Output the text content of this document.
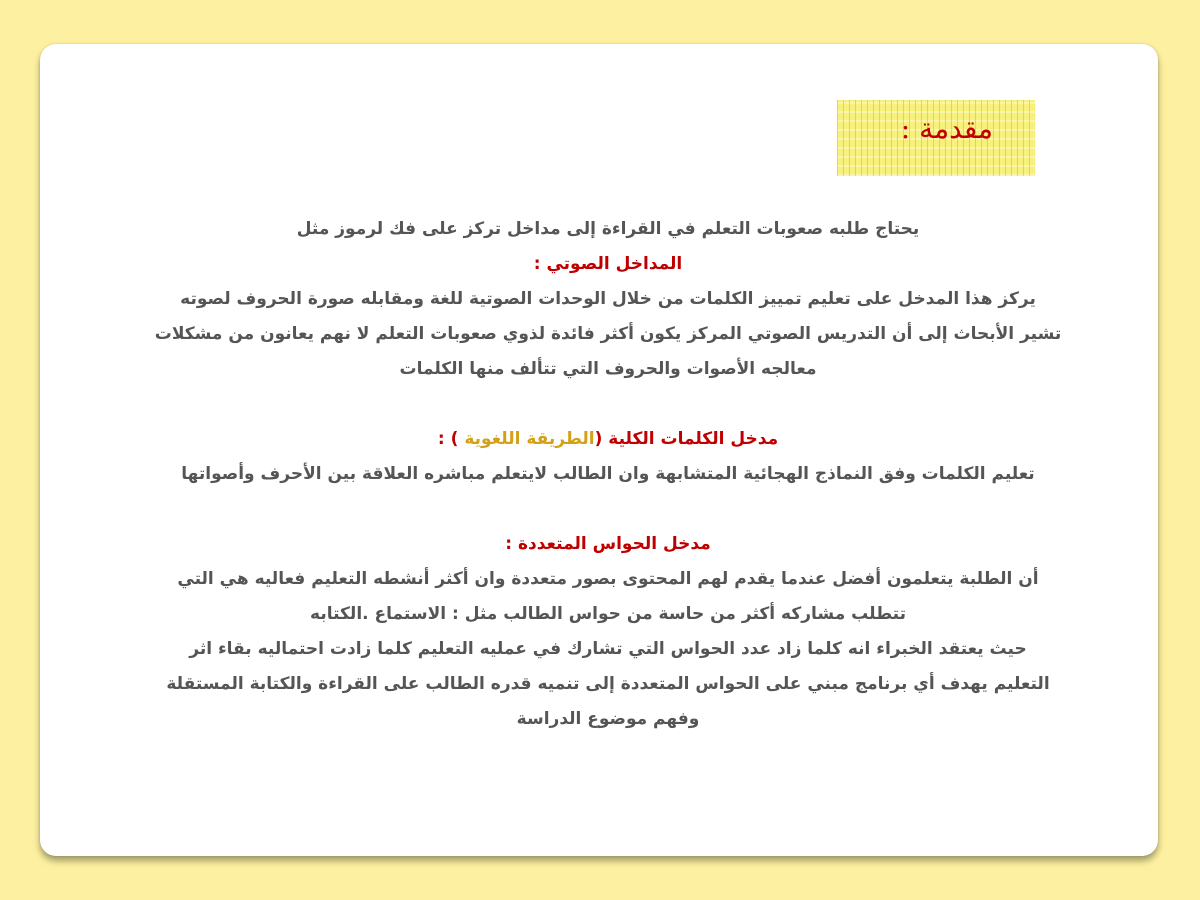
مقدمة :
يحتاج طلبه صعوبات التعلم في القراءة إلى مداخل تركز على فك لرموز مثل
المداخل الصوتي :
يركز هذا المدخل على تعليم تمييز الكلمات من خلال الوحدات الصوتية للغة ومقابله صورة الحروف لصوته
تشير الأبحاث إلى أن التدريس الصوتي المركز يكون أكثر فائدة لذوي صعوبات التعلم لا نهم يعانون من مشكلات
معالجه الأصوات والحروف التي تتألف منها الكلمات
مدخل الكلمات الكلية (الطريقة اللغوية ) :
تعليم الكلمات وفق النماذج الهجائية المتشابهة وان الطالب لايتعلم مباشره العلاقة بين الأحرف وأصواتها
مدخل الحواس المتعددة :
أن الطلبة يتعلمون أفضل عندما يقدم لهم المحتوى بصور متعددة وان أكثر أنشطه التعليم فعاليه هي التي
تتطلب مشاركه أكثر من حاسة من حواس الطالب مثل : الاستماع .الكتابه
حيث يعتقد الخبراء انه كلما زاد عدد الحواس التي تشارك في عمليه التعليم كلما زادت احتماليه بقاء اثر
التعليم يهدف أي برنامج مبني على الحواس المتعددة إلى تنميه قدره الطالب على القراءة والكتابة المستقلة
وفهم موضوع الدراسة
